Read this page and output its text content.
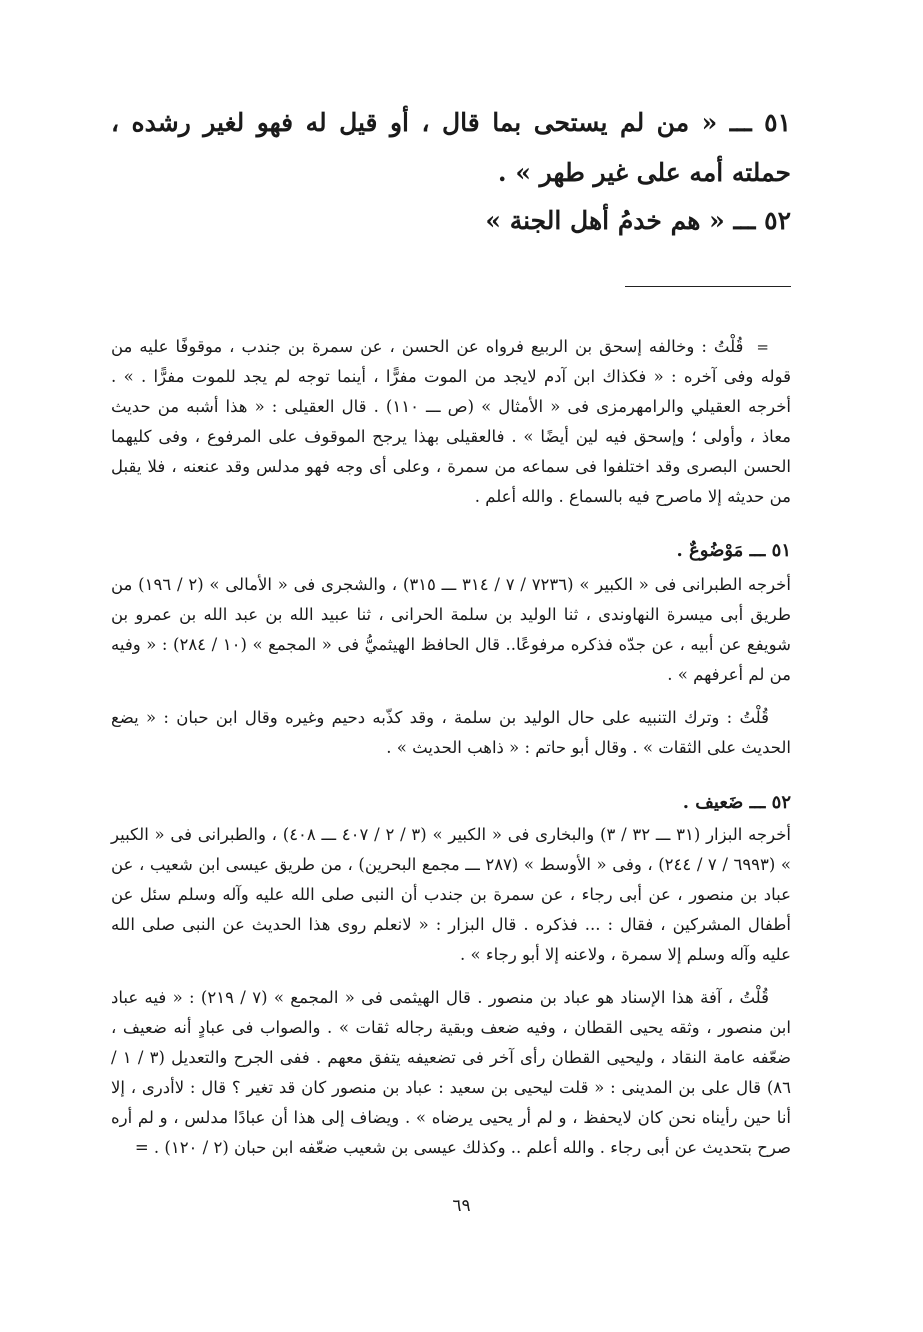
٥١ ـــ « من لم يستحى بما قال ، أو قيل له فهو لغير رشده ، حملته أمه على غير طهر » .
٥٢ ـــ « هم خدمُ أهل الجنة »

= قُلْتُ : وخالفه إسحق بن الربيع فرواه عن الحسن ، عن سمرة بن جندب ، موقوفًا عليه من قوله وفى آخره : « فكذاك ابن آدم لايجد من الموت مفرًّا ، أينما توجه لم يجد للموت مفرًّا . » . أخرجه العقيلي والرامهرمزى فى « الأمثال » (ص ـــ ١١٠) . قال العقيلى : « هذا أشبه من حديث معاذ ، وأولى ؛ وإسحق فيه لين أيضًا » . فالعقيلى بهذا يرجح الموقوف على المرفوع ، وفى كليهما الحسن البصرى وقد اختلفوا فى سماعه من سمرة ، وعلى أى وجه فهو مدلس وقد عنعنه ، فلا يقبل من حديثه إلا ماصرح فيه بالسماع . والله أعلم .

٥١ ـــ مَوْضُوعٌ .

أخرجه الطبرانى فى « الكبير » (٧٢٣٦ / ٧ / ٣١٤ ـــ ٣١٥) ، والشجرى فى « الأمالى » (٢ / ١٩٦) من طريق أبى ميسرة النهاوندى ، ثنا الوليد بن سلمة الحرانى ، ثنا عبيد الله بن عبد الله بن عمرو بن شويفع عن أبيه ، عن جدّه فذكره مرفوعًا.. قال الحافظ الهيثميُّ فى « المجمع » (١٠ / ٢٨٤) : « وفيه من لم أعرفهم » .

قُلْتُ : وترك التنبيه على حال الوليد بن سلمة ، وقد كذّبه دحيم وغيره وقال ابن حبان : « يضع الحديث على الثقات » . وقال أبو حاتم : « ذاهب الحديث » .

٥٢ ـــ ضَعيف .

أخرجه البزار (٣١ ـــ ٣٢ / ٣) والبخارى فى « الكبير » (٣ / ٢ / ٤٠٧ ـــ ٤٠٨) ، والطبرانى فى « الكبير » (٦٩٩٣ / ٧ / ٢٤٤) ، وفى « الأوسط » (٢٨٧ ـــ مجمع البحرين) ، من طريق عيسى ابن شعيب ، عن عباد بن منصور ، عن أبى رجاء ، عن سمرة بن جندب أن النبى صلى الله عليه وآله وسلم سئل عن أطفال المشركين ، فقال : ... فذكره . قال البزار : « لانعلم روى هذا الحديث عن النبى صلى الله عليه وآله وسلم إلا سمرة ، ولاعنه إلا أبو رجاء » .

قُلْتُ ، آفة هذا الإسناد هو عباد بن منصور . قال الهيثمى فى « المجمع » (٧ / ٢١٩) : « فيه عباد ابن منصور ، وثقه يحيى القطان ، وفيه ضعف وبقية رجاله ثقات » . والصواب فى عبادٍ أنه ضعيف ، ضعّفه عامة النقاد ، وليحيى القطان رأى آخر فى تضعيفه يتفق معهم . ففى الجرح والتعديل (٣ / ١ / ٨٦) قال على بن المدينى : « قلت ليحيى بن سعيد : عباد بن منصور كان قد تغير ؟ قال : لاأدرى ، إلا أنا حين رأيناه نحن كان لايحفظ ، و لم أر يحيى يرضاه » . ويضاف إلى هذا أن عبادًا مدلس ، و لم أره صرح بتحديث عن أبى رجاء . والله أعلم .. وكذلك عيسى بن شعيب ضعّفه ابن حبان (٢ / ١٢٠) . =

٦٩
